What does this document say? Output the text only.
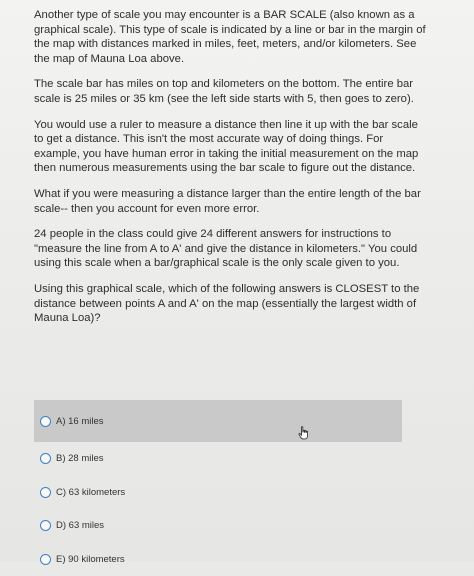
Another type of scale you may encounter is a BAR SCALE (also known as a graphical scale). This type of scale is indicated by a line or bar in the margin of the map with distances marked in miles, feet, meters, and/or kilometers. See the map of Mauna Loa above.

The scale bar has miles on top and kilometers on the bottom. The entire bar scale is 25 miles or 35 km (see the left side starts with 5, then goes to zero).

You would use a ruler to measure a distance then line it up with the bar scale to get a distance. This isn't the most accurate way of doing things. For example, you have human error in taking the initial measurement on the map then numerous measurements using the bar scale to figure out the distance.

What if you were measuring a distance larger than the entire length of the bar scale-- then you account for even more error.

24 people in the class could give 24 different answers for instructions to "measure the line from A to A' and give the distance in kilometers." You could using this scale when a bar/graphical scale is the only scale given to you.

Using this graphical scale, which of the following answers is CLOSEST to the distance between points A and A' on the map (essentially the largest width of Mauna Loa)?

A) 16 miles
B) 28 miles
C) 63 kilometers
D) 63 miles
E) 90 kilometers
